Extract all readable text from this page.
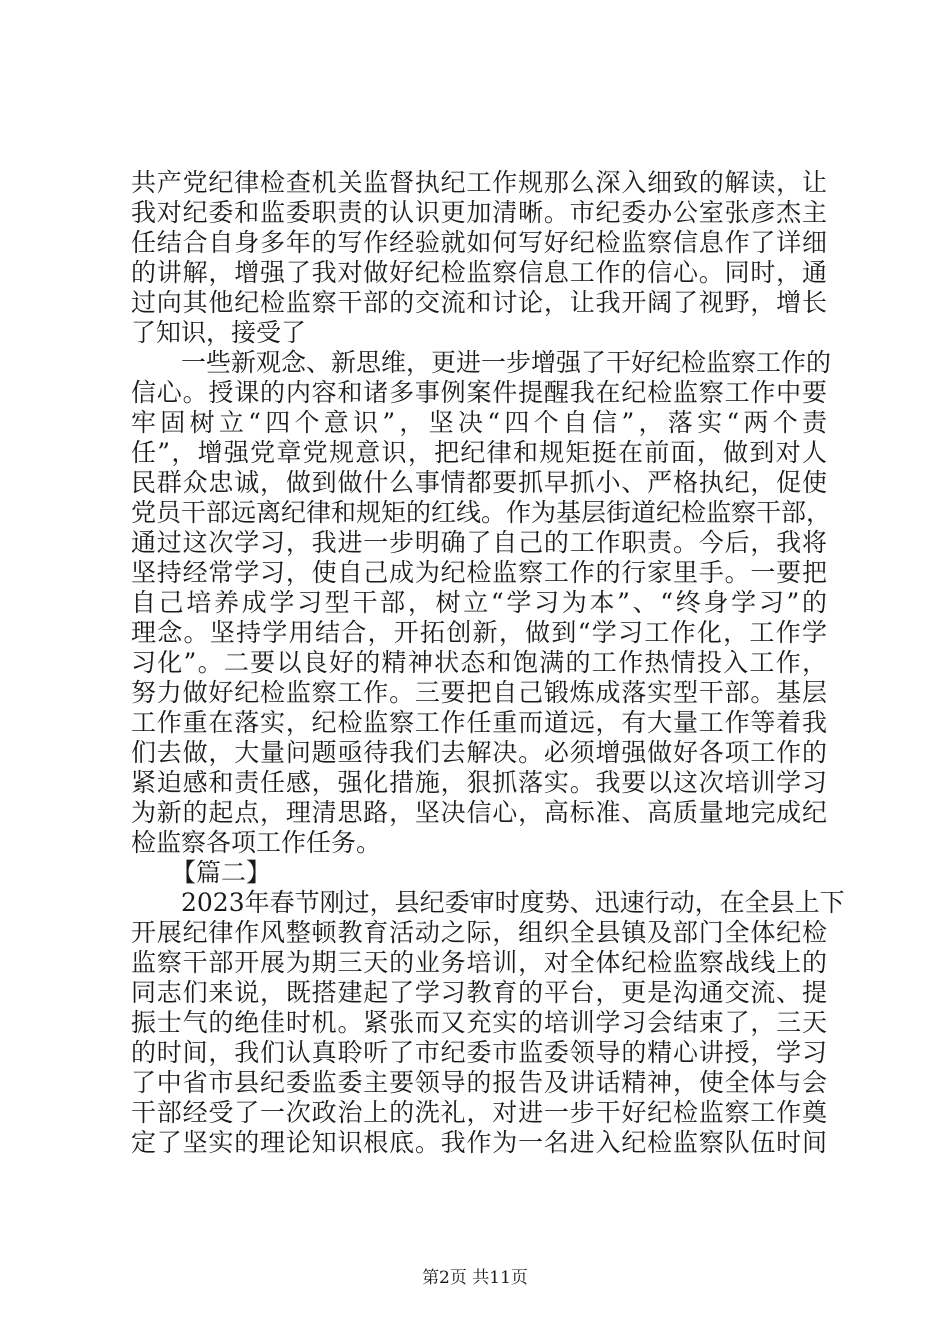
共产党纪律检查机关监督执纪工作规那么深入细致的解读，让
我对纪委和监委职责的认识更加清晰。市纪委办公室张彦杰主
任结合自身多年的写作经验就如何写好纪检监察信息作了详细
的讲解，增强了我对做好纪检监察信息工作的信心。同时，通
过向其他纪检监察干部的交流和讨论，让我开阔了视野，增长
了知识，接受了
一些新观念、新思维，更进一步增强了干好纪检监察工作的
信心。授课的内容和诸多事例案件提醒我在纪检监察工作中要
牢固树立“四个意识”，坚决“四个自信”，落实“两个责
任”，增强党章党规意识，把纪律和规矩挺在前面，做到对人
民群众忠诚，做到做什么事情都要抓早抓小、严格执纪，促使
党员干部远离纪律和规矩的红线。作为基层街道纪检监察干部，
通过这次学习，我进一步明确了自己的工作职责。今后，我将
坚持经常学习，使自己成为纪检监察工作的行家里手。一要把
自己培养成学习型干部，树立“学习为本”、“终身学习”的
理念。坚持学用结合，开拓创新，做到“学习工作化，工作学
习化”。二要以良好的精神状态和饱满的工作热情投入工作，
努力做好纪检监察工作。三要把自己锻炼成落实型干部。基层
工作重在落实，纪检监察工作任重而道远，有大量工作等着我
们去做，大量问题亟待我们去解决。必须增强做好各项工作的
紧迫感和责任感，强化措施，狠抓落实。我要以这次培训学习
为新的起点，理清思路，坚决信心，高标准、高质量地完成纪
检监察各项工作任务。
【篇二】
2023年春节刚过，县纪委审时度势、迅速行动，在全县上下
开展纪律作风整顿教育活动之际，组织全县镇及部门全体纪检
监察干部开展为期三天的业务培训，对全体纪检监察战线上的
同志们来说，既搭建起了学习教育的平台，更是沟通交流、提
振士气的绝佳时机。紧张而又充实的培训学习会结束了，三天
的时间，我们认真聆听了市纪委市监委领导的精心讲授，学习
了中省市县纪委监委主要领导的报告及讲话精神，使全体与会
干部经受了一次政治上的洗礼，对进一步干好纪检监察工作奠
定了坚实的理论知识根底。我作为一名进入纪检监察队伍时间
第2页 共11页
